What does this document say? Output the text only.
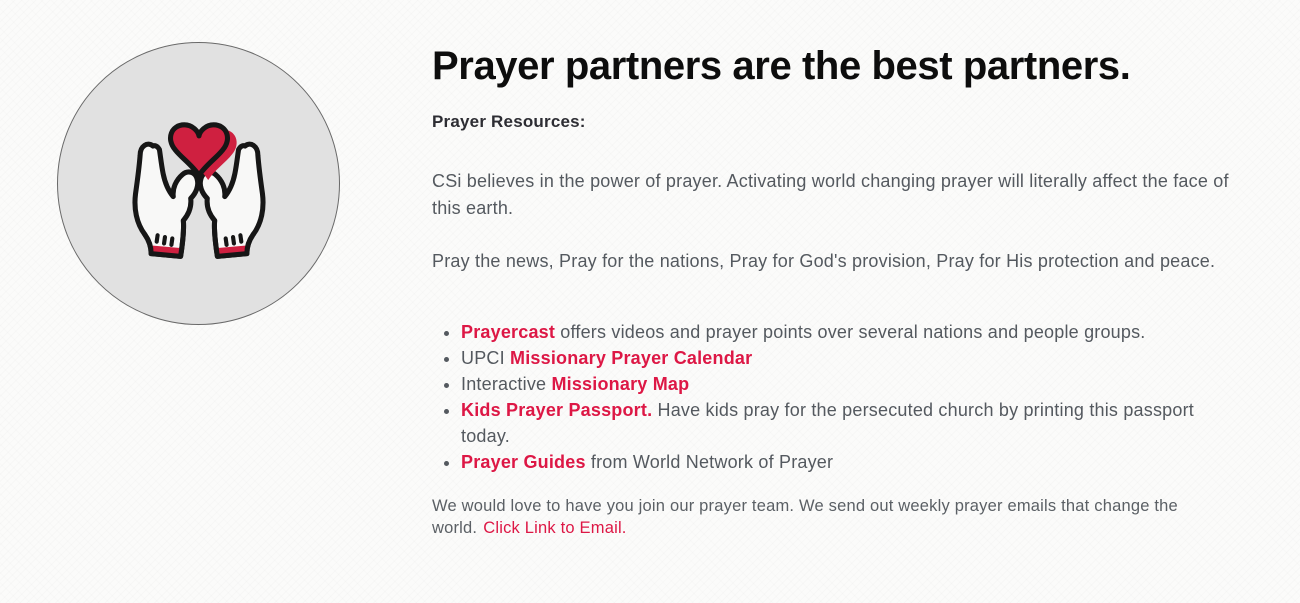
Prayer partners are the best partners.
Prayer Resources:

CSi believes in the power of prayer. Activating world changing prayer will literally affect the face of this earth.

Pray the news, Pray for the nations, Pray for God's provision, Pray for His protection and peace.

• Prayercast offers videos and prayer points over several nations and people groups.
• UPCI Missionary Prayer Calendar
• Interactive Missionary Map
• Kids Prayer Passport. Have kids pray for the persecuted church by printing this passport today.
• Prayer Guides from World Network of Prayer

We would love to have you join our prayer team. We send out weekly prayer emails that change the world. Click Link to Email.
